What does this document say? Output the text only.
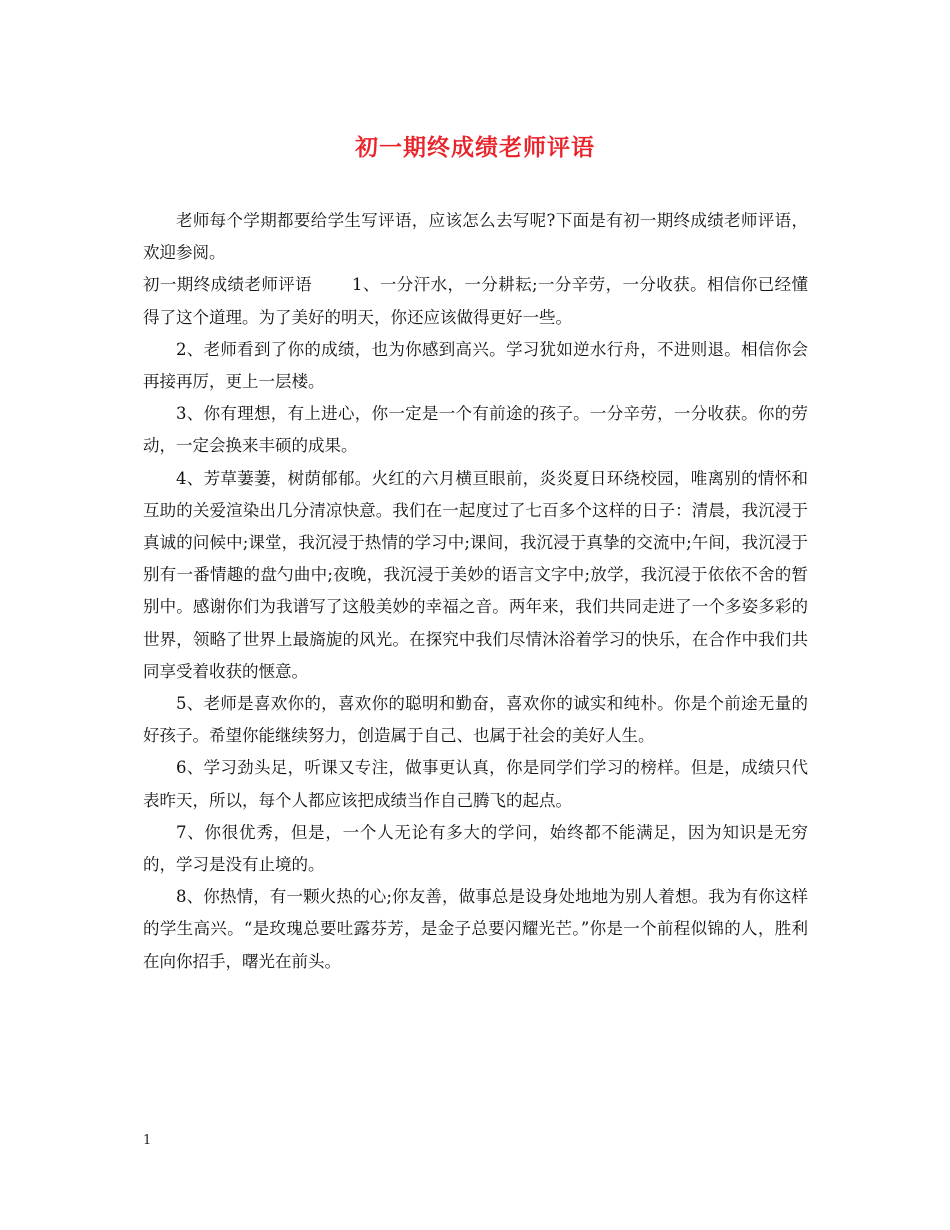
初一期终成绩老师评语

老师每个学期都要给学生写评语，应该怎么去写呢?下面是有初一期终成绩老师评语，欢迎参阅。

初一期终成绩老师评语 1、一分汗水，一分耕耘;一分辛劳，一分收获。相信你已经懂得了这个道理。为了美好的明天，你还应该做得更好一些。

2、老师看到了你的成绩，也为你感到高兴。学习犹如逆水行舟，不进则退。相信你会再接再厉，更上一层楼。

3、你有理想，有上进心，你一定是一个有前途的孩子。一分辛劳，一分收获。你的劳动，一定会换来丰硕的成果。

4、芳草萋萋，树荫郁郁。火红的六月横亘眼前，炎炎夏日环绕校园，唯离别的情怀和互助的关爱渲染出几分清凉快意。我们在一起度过了七百多个这样的日子：清晨，我沉浸于真诚的问候中;课堂，我沉浸于热情的学习中;课间，我沉浸于真挚的交流中;午间，我沉浸于别有一番情趣的盘勺曲中;夜晚，我沉浸于美妙的语言文字中;放学，我沉浸于依依不舍的暂别中。感谢你们为我谱写了这般美妙的幸福之音。两年来，我们共同走进了一个多姿多彩的世界，领略了世界上最旖旎的风光。在探究中我们尽情沐浴着学习的快乐，在合作中我们共同享受着收获的惬意。

5、老师是喜欢你的，喜欢你的聪明和勤奋，喜欢你的诚实和纯朴。你是个前途无量的好孩子。希望你能继续努力，创造属于自己、也属于社会的美好人生。

6、学习劲头足，听课又专注，做事更认真，你是同学们学习的榜样。但是，成绩只代表昨天，所以，每个人都应该把成绩当作自己腾飞的起点。

7、你很优秀，但是，一个人无论有多大的学问，始终都不能满足，因为知识是无穷的，学习是没有止境的。

8、你热情，有一颗火热的心;你友善，做事总是设身处地地为别人着想。我为有你这样的学生高兴。“是玫瑰总要吐露芬芳，是金子总要闪耀光芒。”你是一个前程似锦的人，胜利在向你招手，曙光在前头。

1
